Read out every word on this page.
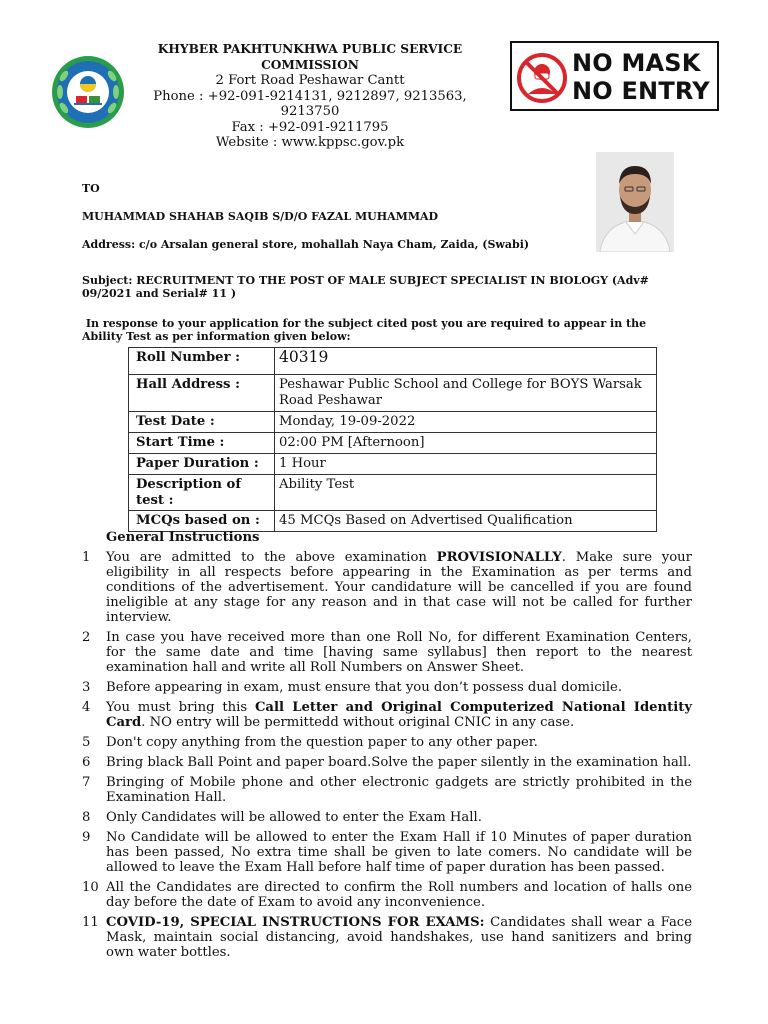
KHYBER PAKHTUNKHWA PUBLIC SERVICE COMMISSION
2 Fort Road Peshawar Cantt
Phone : +92-091-9214131, 9212897, 9213563, 9213750
Fax : +92-091-9211795
Website : www.kppsc.gov.pk
NO MASK
NO ENTRY
TO
MUHAMMAD SHAHAB SAQIB S/D/O FAZAL MUHAMMAD
Address: c/o Arsalan general store, mohallah Naya Cham, Zaida, (Swabi)
Subject: RECRUITMENT TO THE POST OF MALE SUBJECT SPECIALIST IN BIOLOGY (Adv# 09/2021 and Serial# 11 )
In response to your application for the subject cited post you are required to appear in the Ability Test as per information given below:
Roll Number :	40319
Hall Address :	Peshawar Public School and College for BOYS Warsak Road Peshawar
Test Date :	Monday, 19-09-2022
Start Time :	02:00 PM [Afternoon]
Paper Duration :	1 Hour
Description of test :	Ability Test
MCQs based on :	45 MCQs Based on Advertised Qualification
General Instructions
1	You are admitted to the above examination PROVISIONALLY. Make sure your eligibility in all respects before appearing in the Examination as per terms and conditions of the advertisement. Your candidature will be cancelled if you are found ineligible at any stage for any reason and in that case will not be called for further interview.
2	In case you have received more than one Roll No, for different Examination Centers, for the same date and time [having same syllabus] then report to the nearest examination hall and write all Roll Numbers on Answer Sheet.
3	Before appearing in exam, must ensure that you don’t possess dual domicile.
4	You must bring this Call Letter and Original Computerized National Identity Card. NO entry will be permittedd without original CNIC in any case.
5	Don't copy anything from the question paper to any other paper.
6	Bring black Ball Point and paper board.Solve the paper silently in the examination hall.
7	Bringing of Mobile phone and other electronic gadgets are strictly prohibited in the Examination Hall.
8	Only Candidates will be allowed to enter the Exam Hall.
9	No Candidate will be allowed to enter the Exam Hall if 10 Minutes of paper duration has been passed, No extra time shall be given to late comers. No candidate will be allowed to leave the Exam Hall before half time of paper duration has been passed.
10 All the Candidates are directed to confirm the Roll numbers and location of halls one day before the date of Exam to avoid any inconvenience.
11 COVID-19, SPECIAL INSTRUCTIONS FOR EXAMS: Candidates shall wear a Face Mask, maintain social distancing, avoid handshakes, use hand sanitizers and bring own water bottles.
